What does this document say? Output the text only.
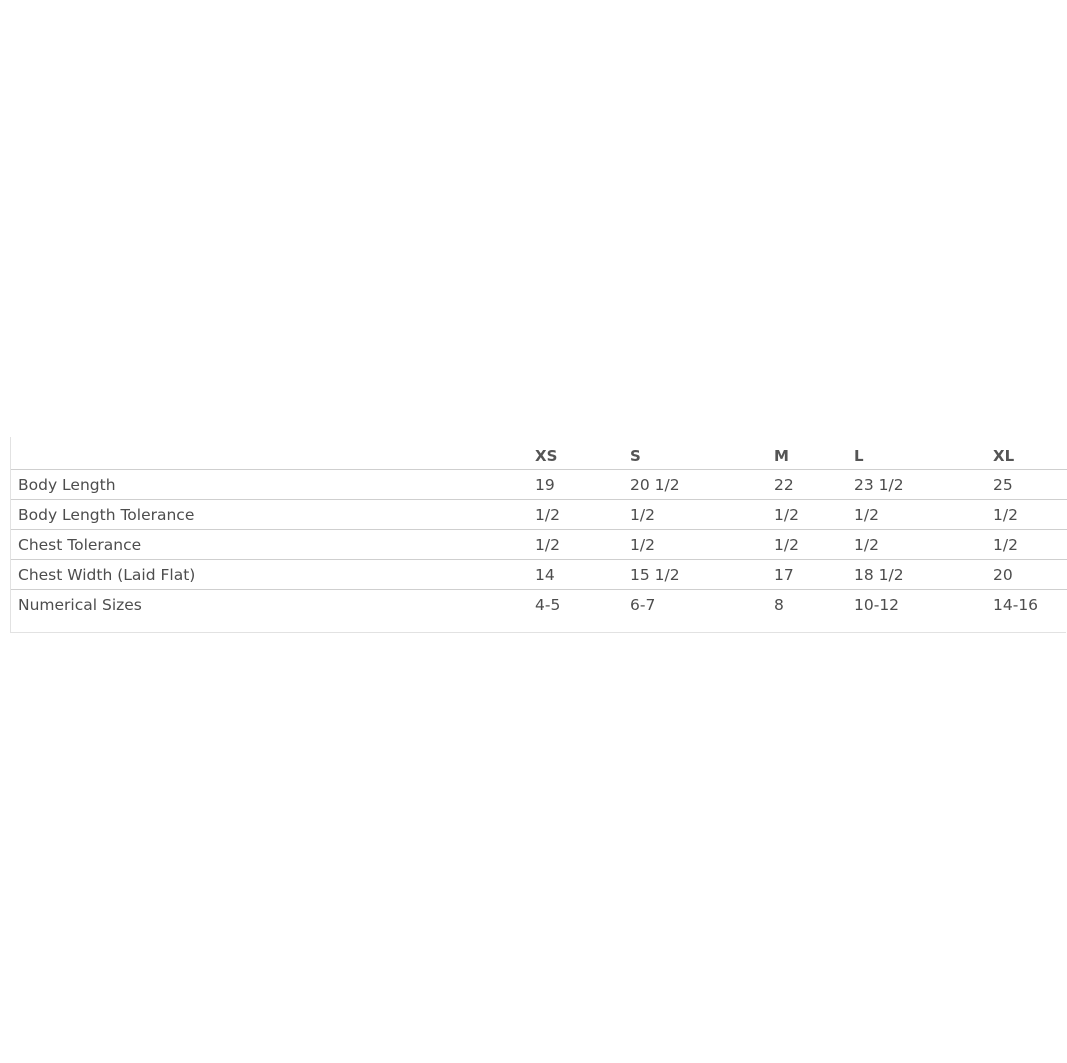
	XS	S	M	L	XL
Body Length	19	20 1/2	22	23 1/2	25
Body Length Tolerance	1/2	1/2	1/2	1/2	1/2
Chest Tolerance	1/2	1/2	1/2	1/2	1/2
Chest Width (Laid Flat)	14	15 1/2	17	18 1/2	20
Numerical Sizes	4-5	6-7	8	10-12	14-16
